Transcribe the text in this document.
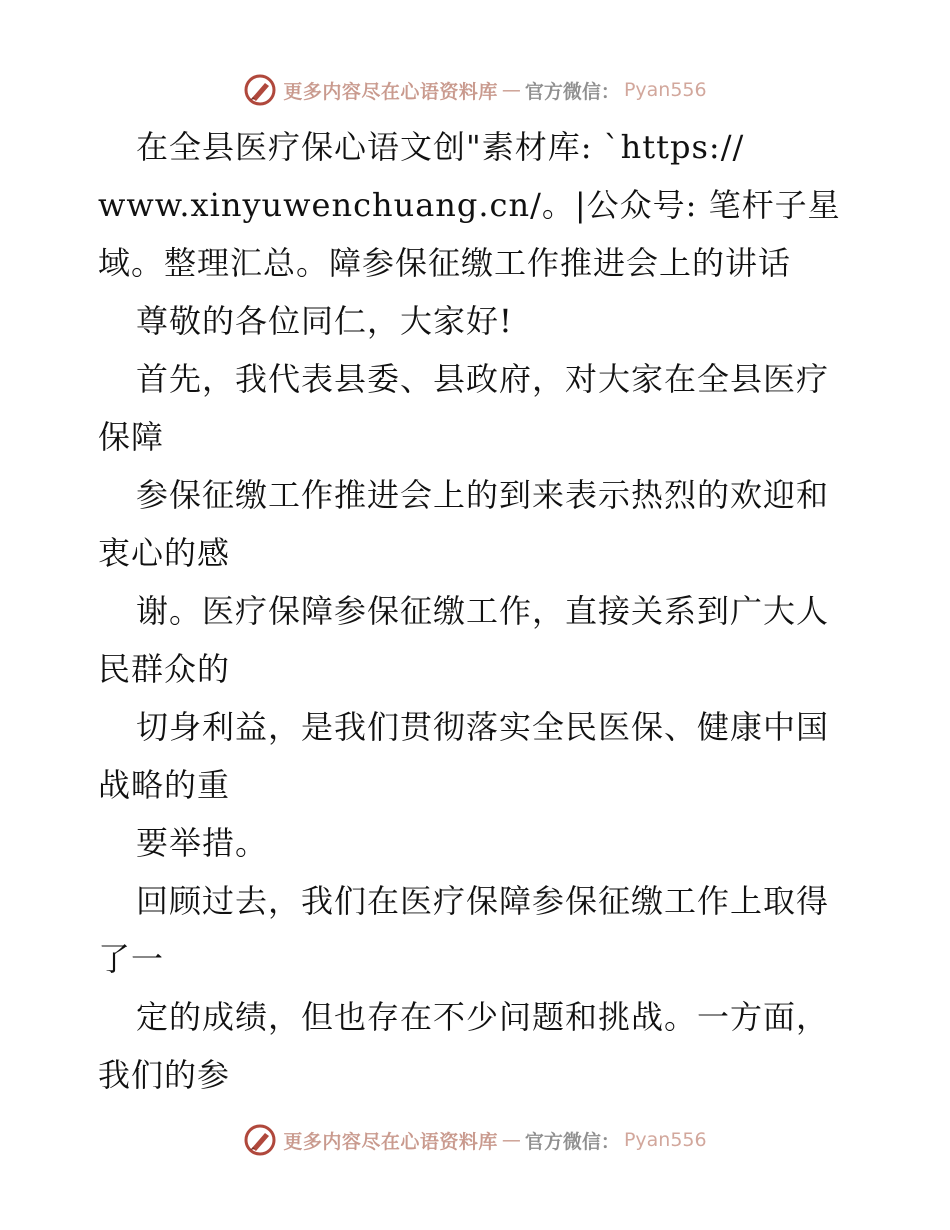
更多内容尽在心语资料库 — 官方微信： Pyan556
在全县医疗保心语文创"素材库: `https://
www.xinyuwenchuang.cn/。|公众号: 笔杆子星
域。整理汇总。障参保征缴工作推进会上的讲话
尊敬的各位同仁，大家好!
首先，我代表县委、县政府，对大家在全县医疗
保障
参保征缴工作推进会上的到来表示热烈的欢迎和
衷心的感
谢。医疗保障参保征缴工作，直接关系到广大人
民群众的
切身利益，是我们贯彻落实全民医保、健康中国
战略的重
要举措。
回顾过去，我们在医疗保障参保征缴工作上取得
了一
定的成绩，但也存在不少问题和挑战。一方面，
我们的参
更多内容尽在心语资料库 — 官方微信： Pyan556
